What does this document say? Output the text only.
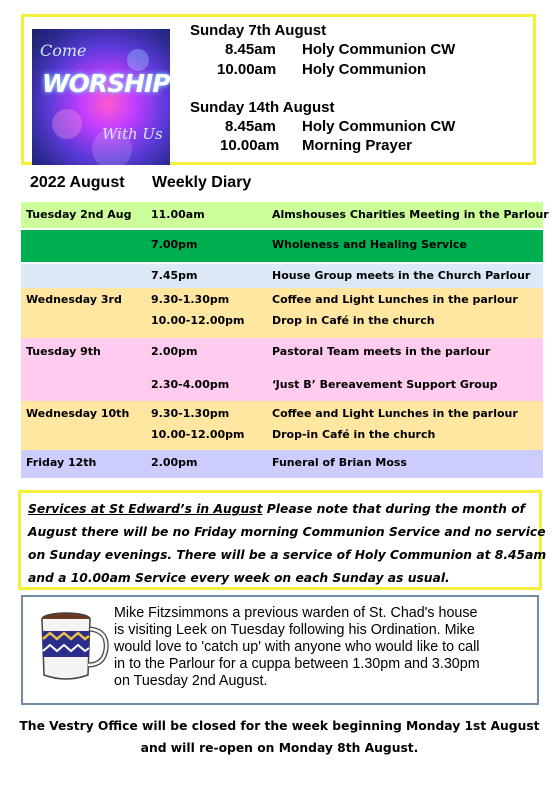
Come
WORSHIP
With Us
Sunday 7th August
8.45am Holy Communion CW
10.00am Holy Communion
Sunday 14th August
8.45am Holy Communion CW
10.00am Morning Prayer
2022 August Weekly Diary
Tuesday 2nd Aug 11.00am	Almshouses Charities Meeting in the Parlour
7.00pm	Wholeness and Healing Service
7.45pm	House Group meets in the Church Parlour
Wednesday 3rd	9.30-1.30pm	Coffee and Light Lunches in the parlour
10.00-12.00pm	Drop in Café in the church
Tuesday 9th	2.00pm	Pastoral Team meets in the parlour
2.30-4.00pm	‘Just B’ Bereavement Support Group
Wednesday 10th 9.30-1.30pm	Coffee and Light Lunches in the parlour
10.00-12.00pm	Drop-in Café in the church
Friday 12th	2.00pm	Funeral of Brian Moss
Services at St Edward’s in August Please note that during the month of
August there will be no Friday morning Communion Service and no service
on Sunday evenings. There will be a service of Holy Communion at 8.45am
and a 10.00am Service every week on each Sunday as usual.
Mike Fitzsimmons a previous warden of St. Chad's house
is visiting Leek on Tuesday following his Ordination. Mike
would love to 'catch up' with anyone who would like to call
in to the Parlour for a cuppa between 1.30pm and 3.30pm
on Tuesday 2nd August.
The Vestry Office will be closed for the week beginning Monday 1st August
and will re-open on Monday 8th August.
